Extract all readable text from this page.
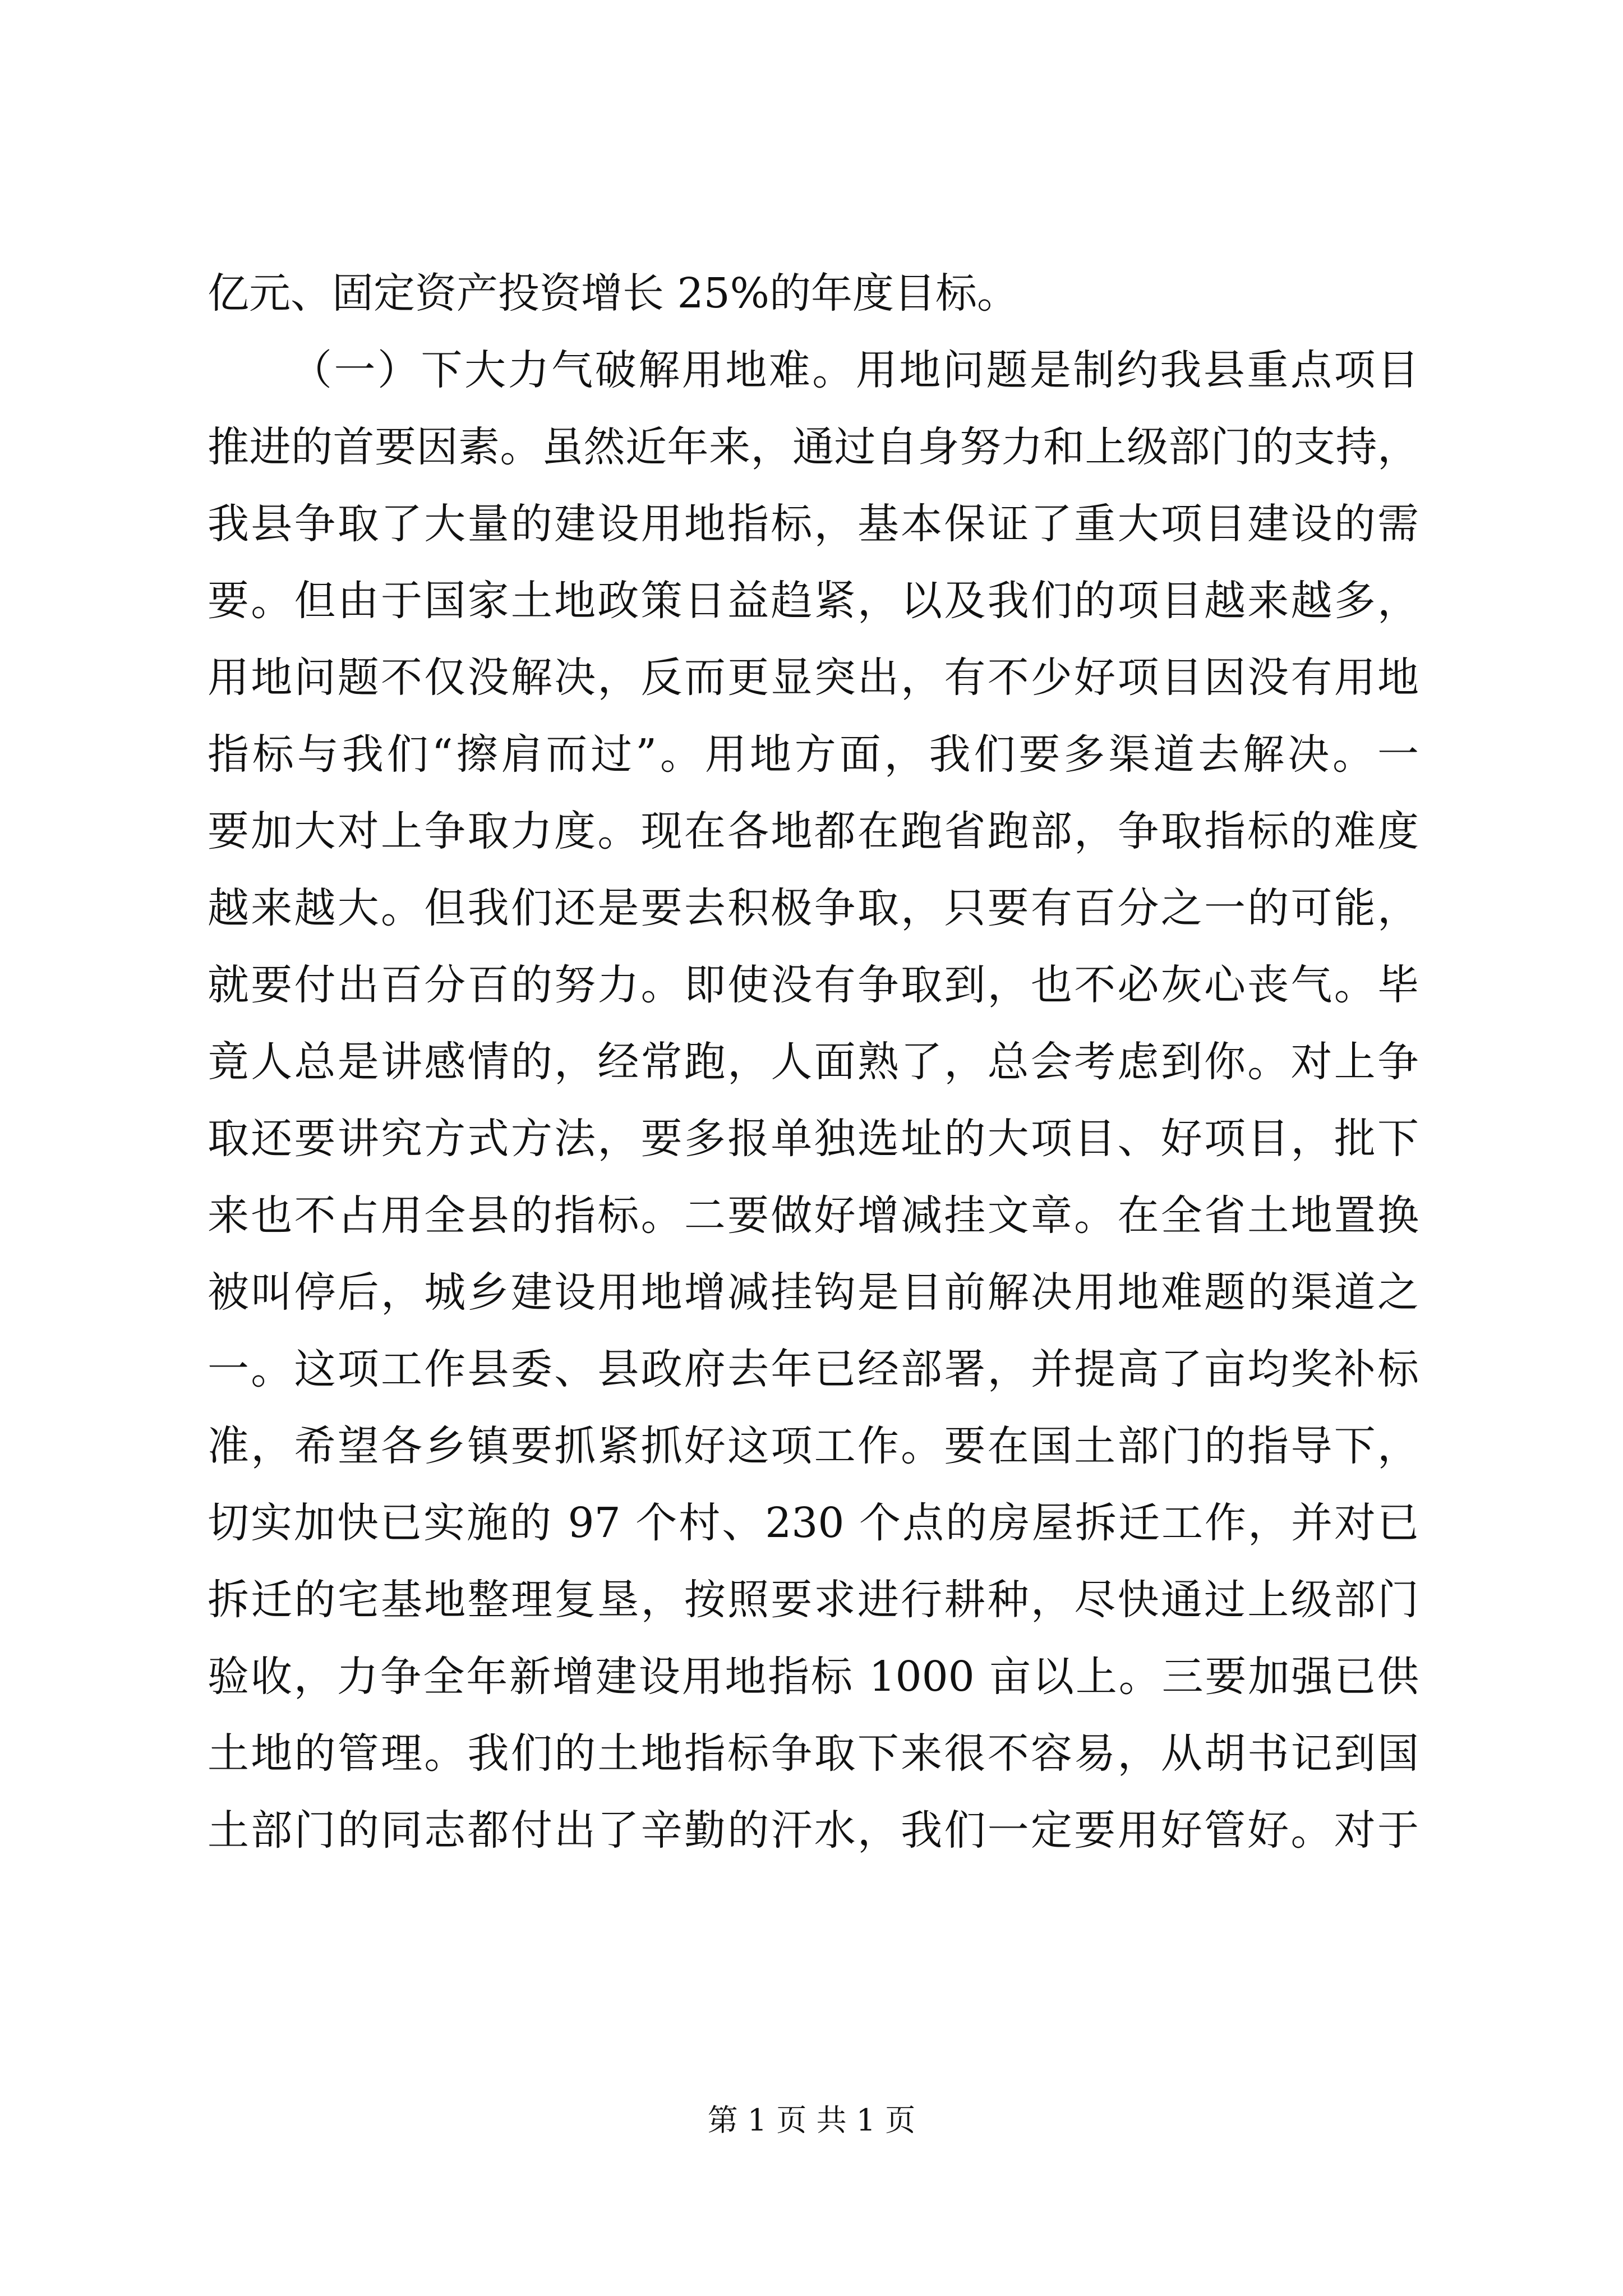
亿元、固定资产投资增长 25%的年度目标。
（一）下大力气破解用地难。用地问题是制约我县重点项目
推进的首要因素。虽然近年来，通过自身努力和上级部门的支持，
我县争取了大量的建设用地指标，基本保证了重大项目建设的需
要。但由于国家土地政策日益趋紧，以及我们的项目越来越多，
用地问题不仅没解决，反而更显突出，有不少好项目因没有用地
指标与我们“擦肩而过”。用地方面，我们要多渠道去解决。一
要加大对上争取力度。现在各地都在跑省跑部，争取指标的难度
越来越大。但我们还是要去积极争取，只要有百分之一的可能，
就要付出百分百的努力。即使没有争取到，也不必灰心丧气。毕
竟人总是讲感情的，经常跑，人面熟了，总会考虑到你。对上争
取还要讲究方式方法，要多报单独选址的大项目、好项目，批下
来也不占用全县的指标。二要做好增减挂文章。在全省土地置换
被叫停后，城乡建设用地增减挂钩是目前解决用地难题的渠道之
一。这项工作县委、县政府去年已经部署，并提高了亩均奖补标
准，希望各乡镇要抓紧抓好这项工作。要在国土部门的指导下，
切实加快已实施的 97 个村、230 个点的房屋拆迁工作，并对已
拆迁的宅基地整理复垦，按照要求进行耕种，尽快通过上级部门
验收，力争全年新增建设用地指标 1000 亩以上。三要加强已供
土地的管理。我们的土地指标争取下来很不容易，从胡书记到国
土部门的同志都付出了辛勤的汗水，我们一定要用好管好。对于
第 1 页 共 1 页
